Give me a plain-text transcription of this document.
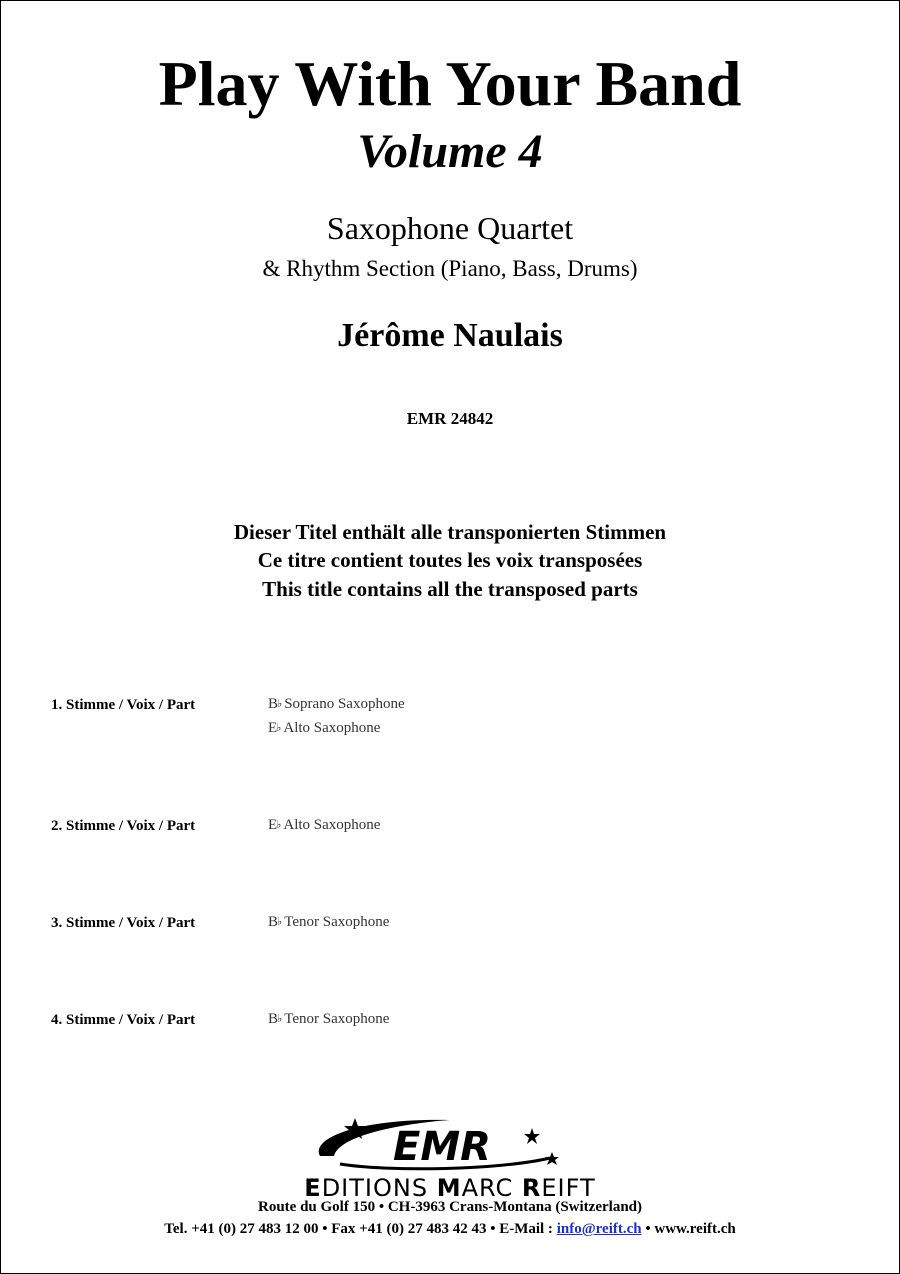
Play With Your Band
Volume 4
Saxophone Quartet
& Rhythm Section (Piano, Bass, Drums)
Jérôme Naulais
EMR 24842
Dieser Titel enthält alle transponierten Stimmen
Ce titre contient toutes les voix transposées
This title contains all the transposed parts
1. Stimme / Voix / Part	B♭ Soprano Saxophone
E♭ Alto Saxophone
2. Stimme / Voix / Part	E♭ Alto Saxophone
3. Stimme / Voix / Part	B♭ Tenor Saxophone
4. Stimme / Voix / Part	B♭ Tenor Saxophone
EMR
EDITIONS MARC REIFT
Route du Golf 150 • CH-3963 Crans-Montana (Switzerland)
Tel. +41 (0) 27 483 12 00 • Fax +41 (0) 27 483 42 43 • E-Mail : info@reift.ch • www.reift.ch
